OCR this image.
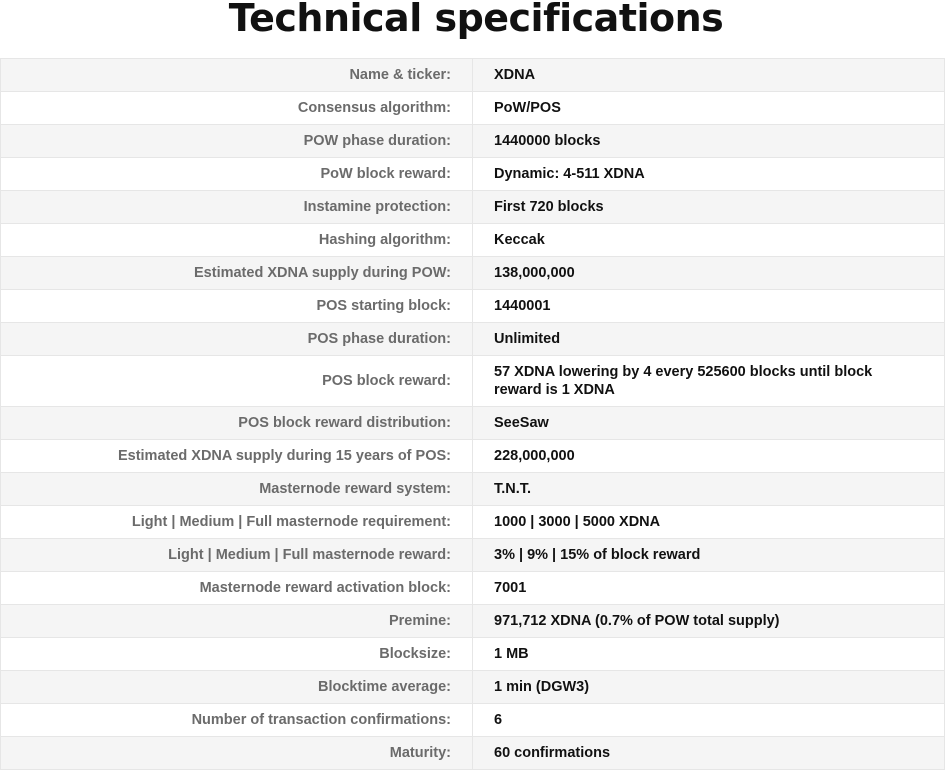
Technical specifications
Name & ticker:	XDNA
Consensus algorithm:	PoW/POS
POW phase duration:	1440000 blocks
PoW block reward:	Dynamic: 4-511 XDNA
Instamine protection:	First 720 blocks
Hashing algorithm:	Keccak
Estimated XDNA supply during POW:	138,000,000
POS starting block:	1440001
POS phase duration:	Unlimited
POS block reward:	57 XDNA lowering by 4 every 525600 blocks until block reward is 1 XDNA
POS block reward distribution:	SeeSaw
Estimated XDNA supply during 15 years of POS:	228,000,000
Masternode reward system:	T.N.T.
Light | Medium | Full masternode requirement:	1000 | 3000 | 5000 XDNA
Light | Medium | Full masternode reward:	3% | 9% | 15% of block reward
Masternode reward activation block:	7001
Premine:	971,712 XDNA (0.7% of POW total supply)
Blocksize:	1 MB
Blocktime average:	1 min (DGW3)
Number of transaction confirmations:	6
Maturity:	60 confirmations
